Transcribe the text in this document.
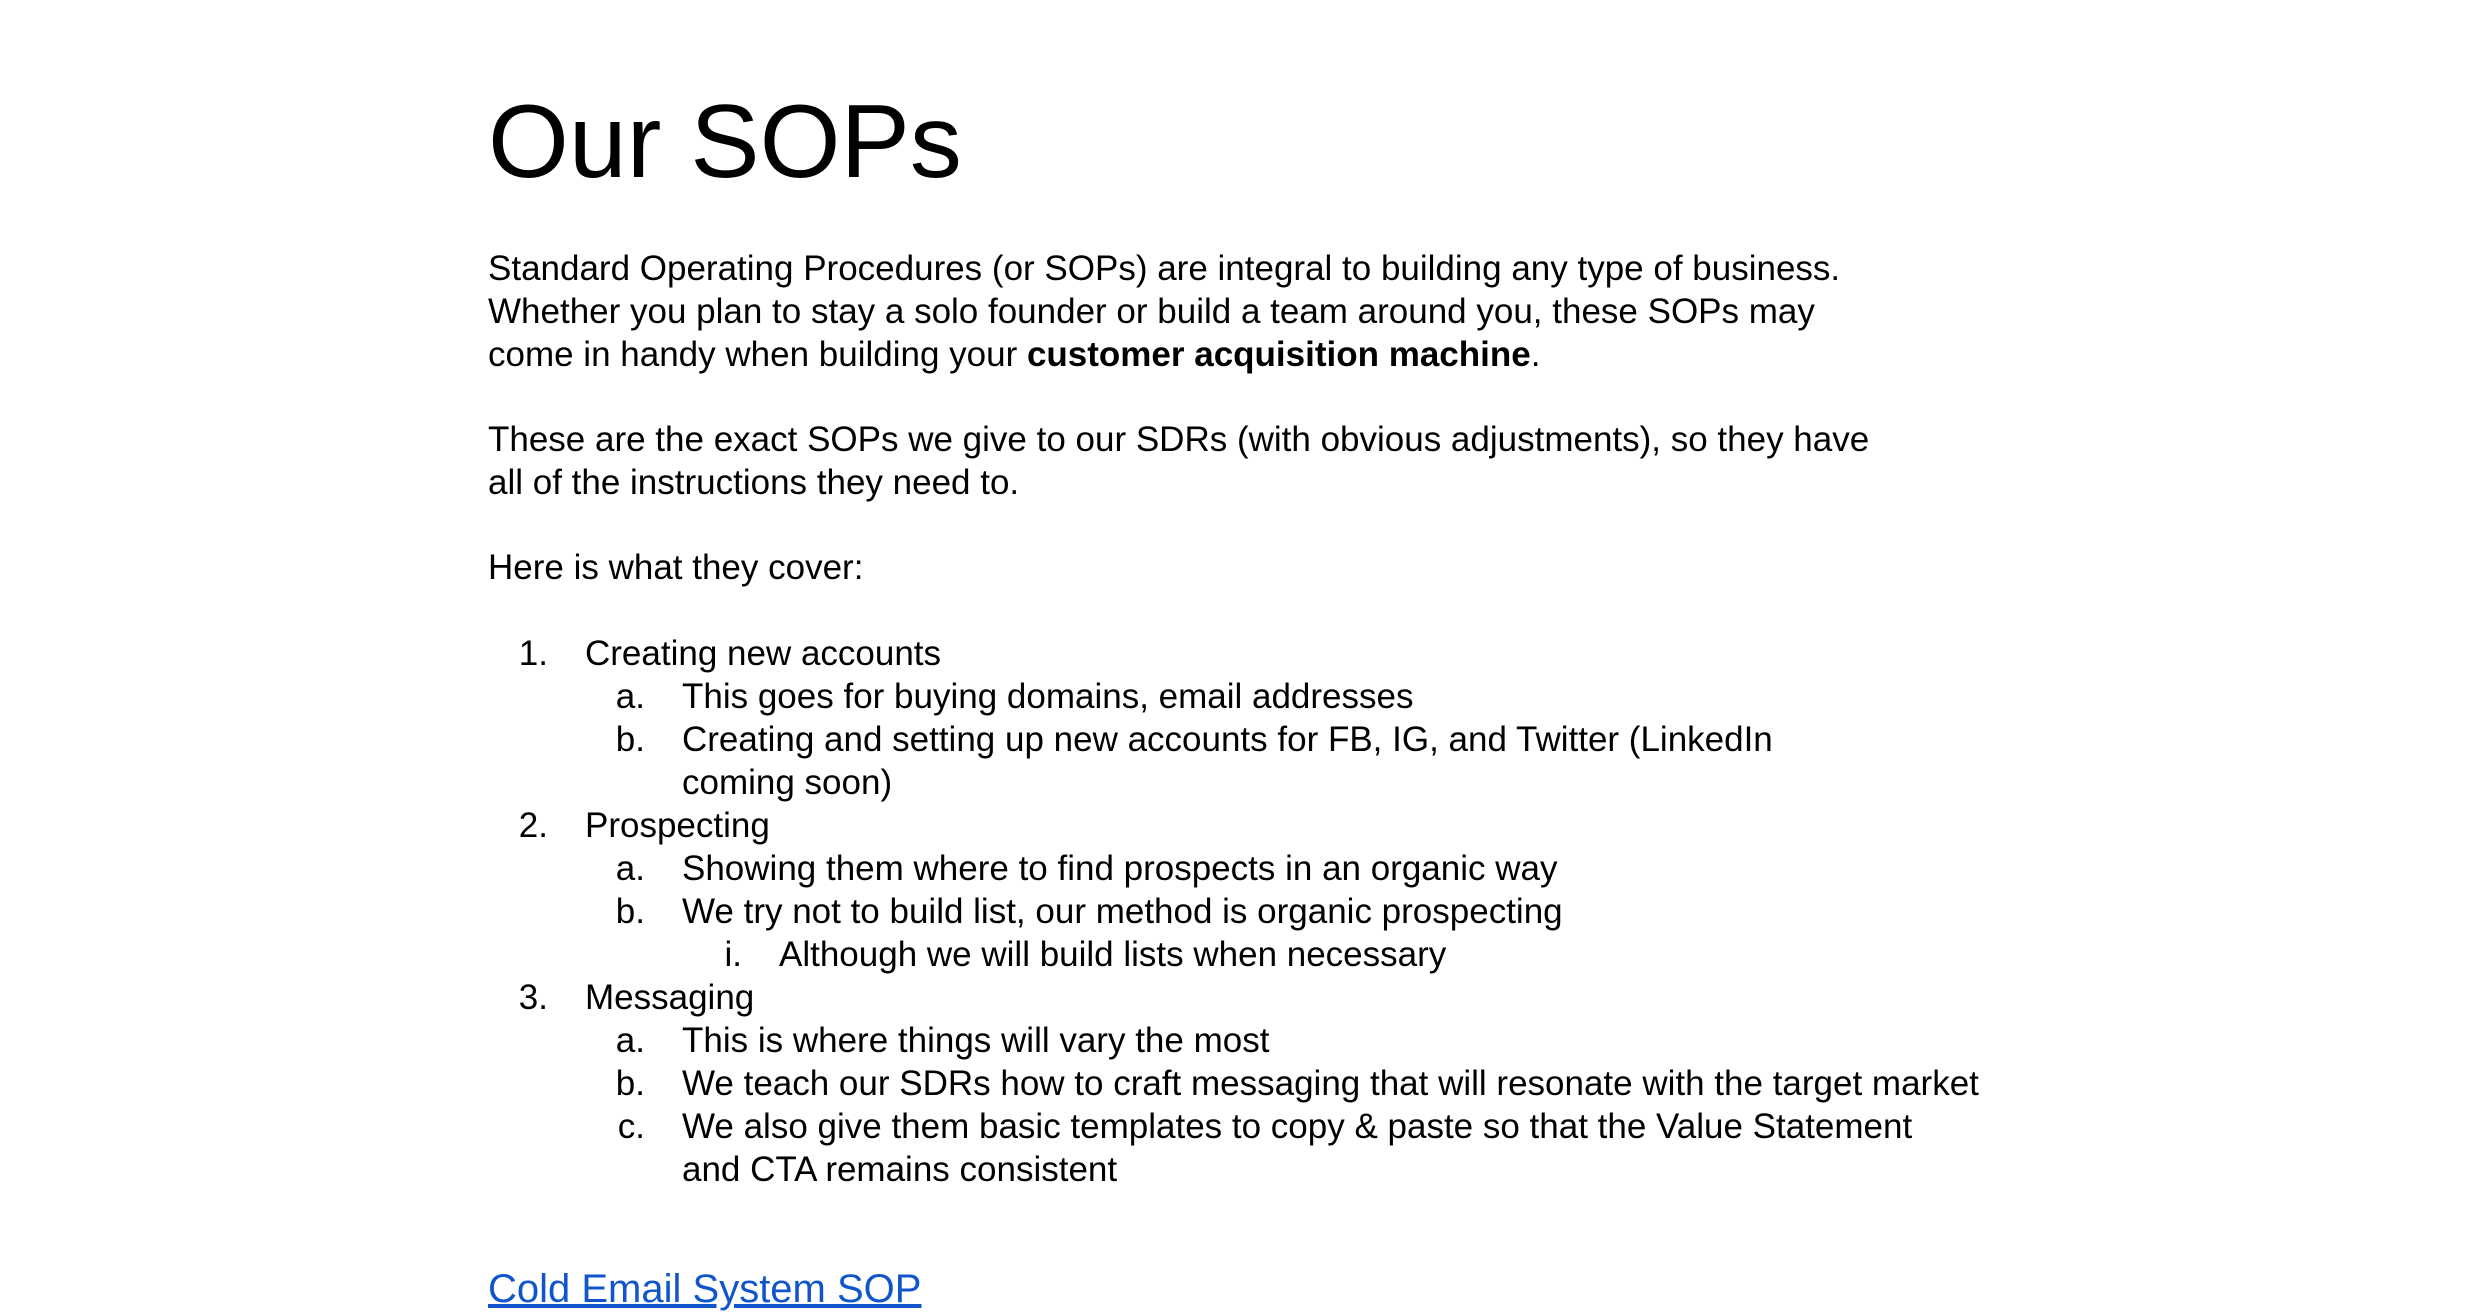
Our SOPs

Standard Operating Procedures (or SOPs) are integral to building any type of business. Whether you plan to stay a solo founder or build a team around you, these SOPs may come in handy when building your customer acquisition machine.

These are the exact SOPs we give to our SDRs (with obvious adjustments), so they have all of the instructions they need to.

Here is what they cover:

1. Creating new accounts
a. This goes for buying domains, email addresses
b. Creating and setting up new accounts for FB, IG, and Twitter (LinkedIn coming soon)
2. Prospecting
a. Showing them where to find prospects in an organic way
b. We try not to build list, our method is organic prospecting
i. Although we will build lists when necessary
3. Messaging
a. This is where things will vary the most
b. We teach our SDRs how to craft messaging that will resonate with the target market
c. We also give them basic templates to copy & paste so that the Value Statement and CTA remains consistent
Cold Email System SOP
